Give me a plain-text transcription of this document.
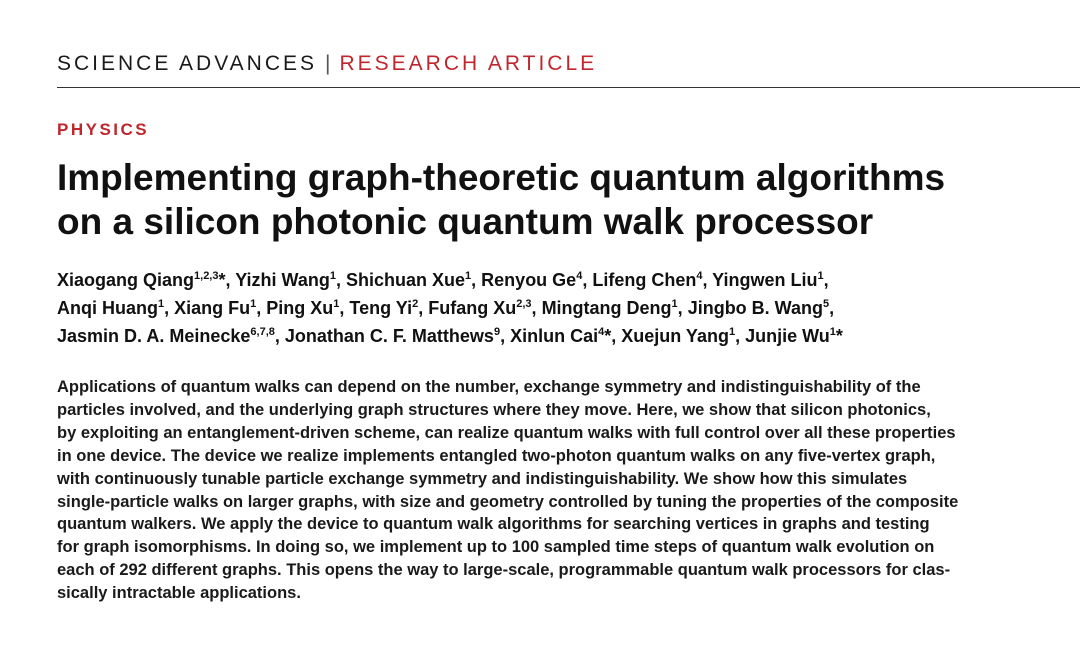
SCIENCE ADVANCES | RESEARCH ARTICLE
PHYSICS
Implementing graph-theoretic quantum algorithms
on a silicon photonic quantum walk processor
Xiaogang Qiang$^{1,2,3}$*, Yizhi Wang$^1$, Shichuan Xue$^1$, Renyou Ge$^4$, Lifeng Chen$^4$, Yingwen Liu$^1$,
Anqi Huang$^1$, Xiang Fu$^1$, Ping Xu$^1$, Teng Yi$^2$, Fufang Xu$^{2,3}$, Mingtang Deng$^1$, Jingbo B. Wang$^5$,
Jasmin D. A. Meinecke$^{6,7,8}$, Jonathan C. F. Matthews$^9$, Xinlun Cai$^4$*, Xuejun Yang$^1$, Junjie Wu$^1$*
Applications of quantum walks can depend on the number, exchange symmetry and indistinguishability of the
particles involved, and the underlying graph structures where they move. Here, we show that silicon photonics,
by exploiting an entanglement-driven scheme, can realize quantum walks with full control over all these properties
in one device. The device we realize implements entangled two-photon quantum walks on any five-vertex graph,
with continuously tunable particle exchange symmetry and indistinguishability. We show how this simulates
single-particle walks on larger graphs, with size and geometry controlled by tuning the properties of the composite
quantum walkers. We apply the device to quantum walk algorithms for searching vertices in graphs and testing
for graph isomorphisms. In doing so, we implement up to 100 sampled time steps of quantum walk evolution on
each of 292 different graphs. This opens the way to large-scale, programmable quantum walk processors for clas-
sically intractable applications.
